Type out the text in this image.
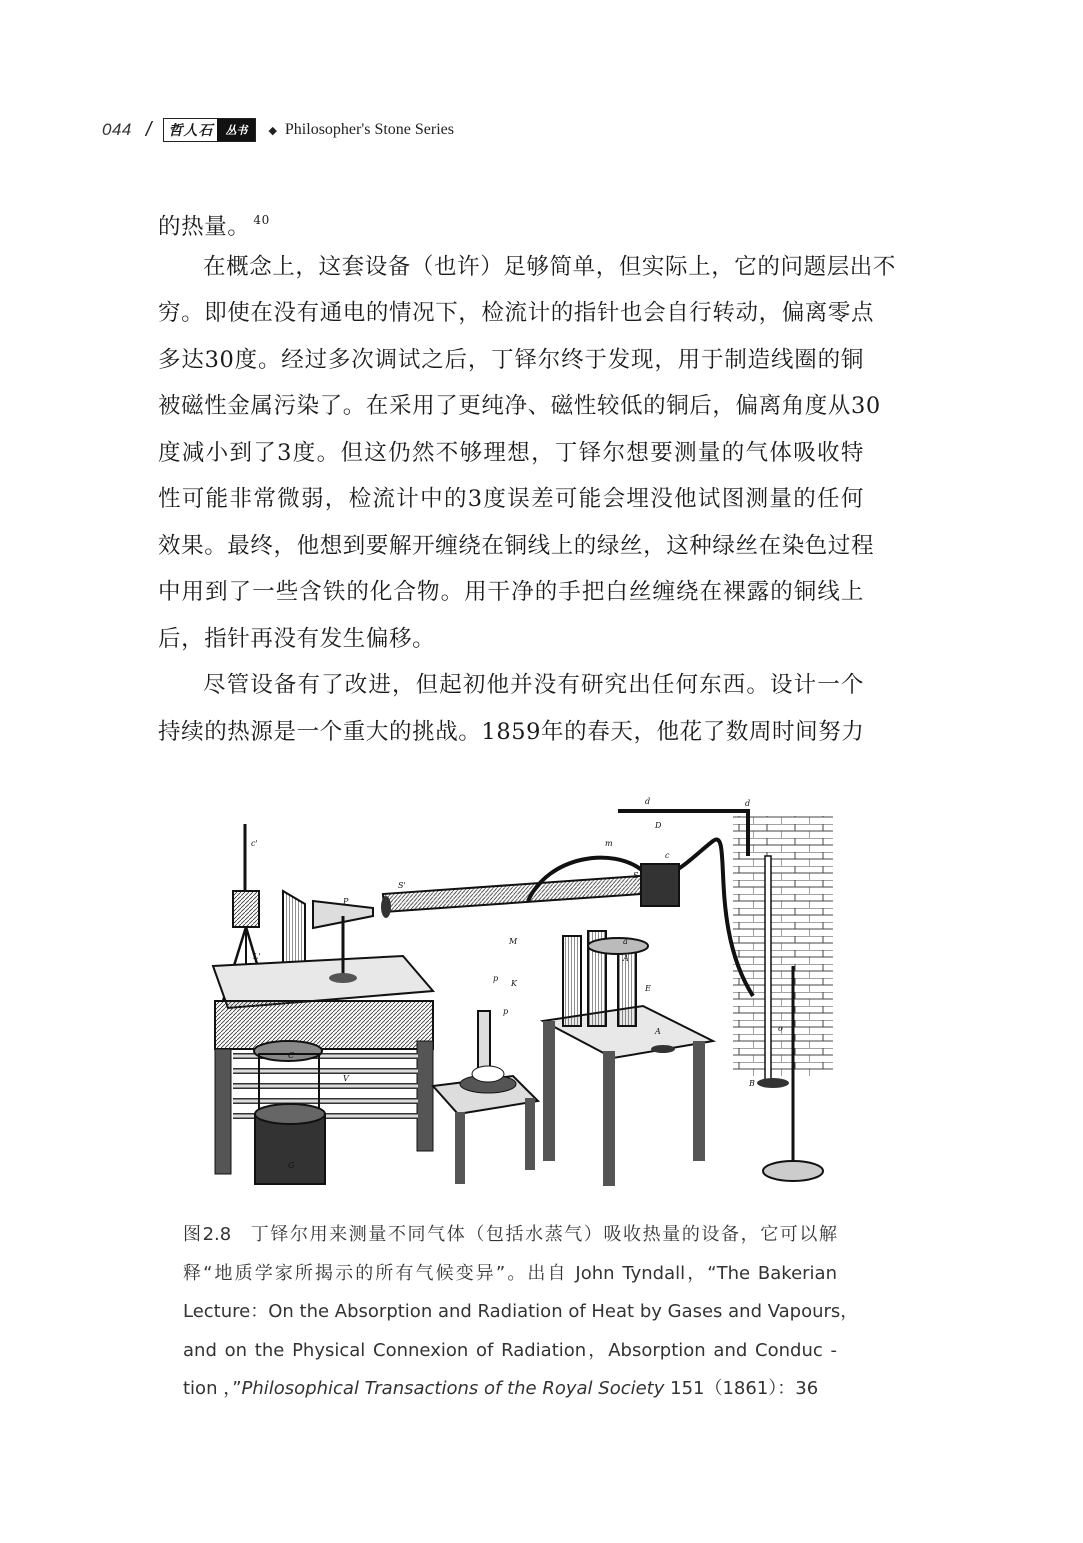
044 / 哲人石	丛书	◆ Philosopher's Stone Series
的热量。 $^{40}$
在概念上，这套设备（也许）足够简单，但实际上，它的问题层出不
穷。即使在没有通电的情况下，检流计的指针也会自行转动，偏离零点
多达30度。经过多次调试之后，丁铎尔终于发现，用于制造线圈的铜
被磁性金属污染了。在采用了更纯净、磁性较低的铜后，偏离角度从30
度减小到了3度。但这仍然不够理想，丁铎尔想要测量的气体吸收特
性可能非常微弱，检流计中的3度误差可能会埋没他试图测量的任何
效果。最终，他想到要解开缠绕在铜线上的绿丝，这种绿丝在染色过程
中用到了一些含铁的化合物。用干净的手把白丝缠绕在裸露的铜线上
后，指针再没有发生偏移。
尽管设备有了改进，但起初他并没有研究出任何东西。设计一个
持续的热源是一个重大的挑战。1859年的春天，他花了数周时间努力
c'
S'
P
L'
d	d
D
c
m
S
M
K
a
o
A
A
B
C
G
V
p
p
E
图2.8 丁铎尔用来测量不同气体（包括水蒸气）吸收热量的设备，它可以解
释“地质学家所揭示的所有气候变异”。出自 John Tyndall，“The Bakerian
Lecture：On the Absorption and Radiation of Heat by Gases and Vapours，
and on the Physical Connexion of Radiation，Absorption and Conduc -
tion ，”Philosophical Transactions of the Royal Society 151（1861）：36
